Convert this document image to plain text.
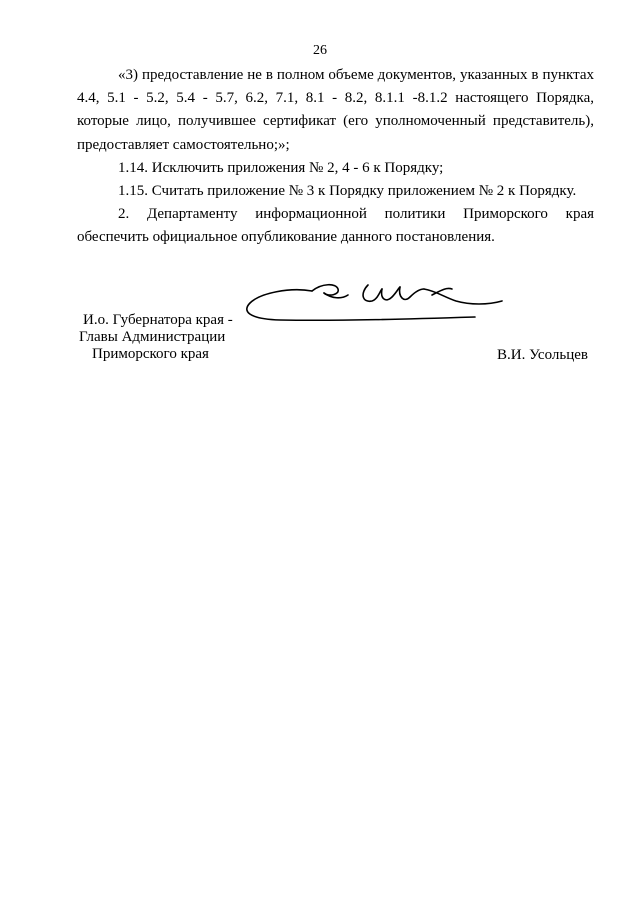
26

«3) предоставление не в полном объеме документов, указанных в пунктах

4.4, 5.1 - 5.2, 5.4 - 5.7, 6.2, 7.1, 8.1 - 8.2, 8.1.1 -8.1.2 настоящего Порядка,

которые лицо, получившее сертификат (его уполномоченный представитель),

предоставляет самостоятельно;»;

1.14. Исключить приложения № 2, 4 - 6 к Порядку;

1.15. Считать приложение № 3 к Порядку приложением № 2 к Порядку.

2. Департаменту информационной политики Приморского края

обеспечить официальное опубликование данного постановления.

И.о. Губернатора края -
Главы Администрации
Приморского края	В.И. Усольцев
